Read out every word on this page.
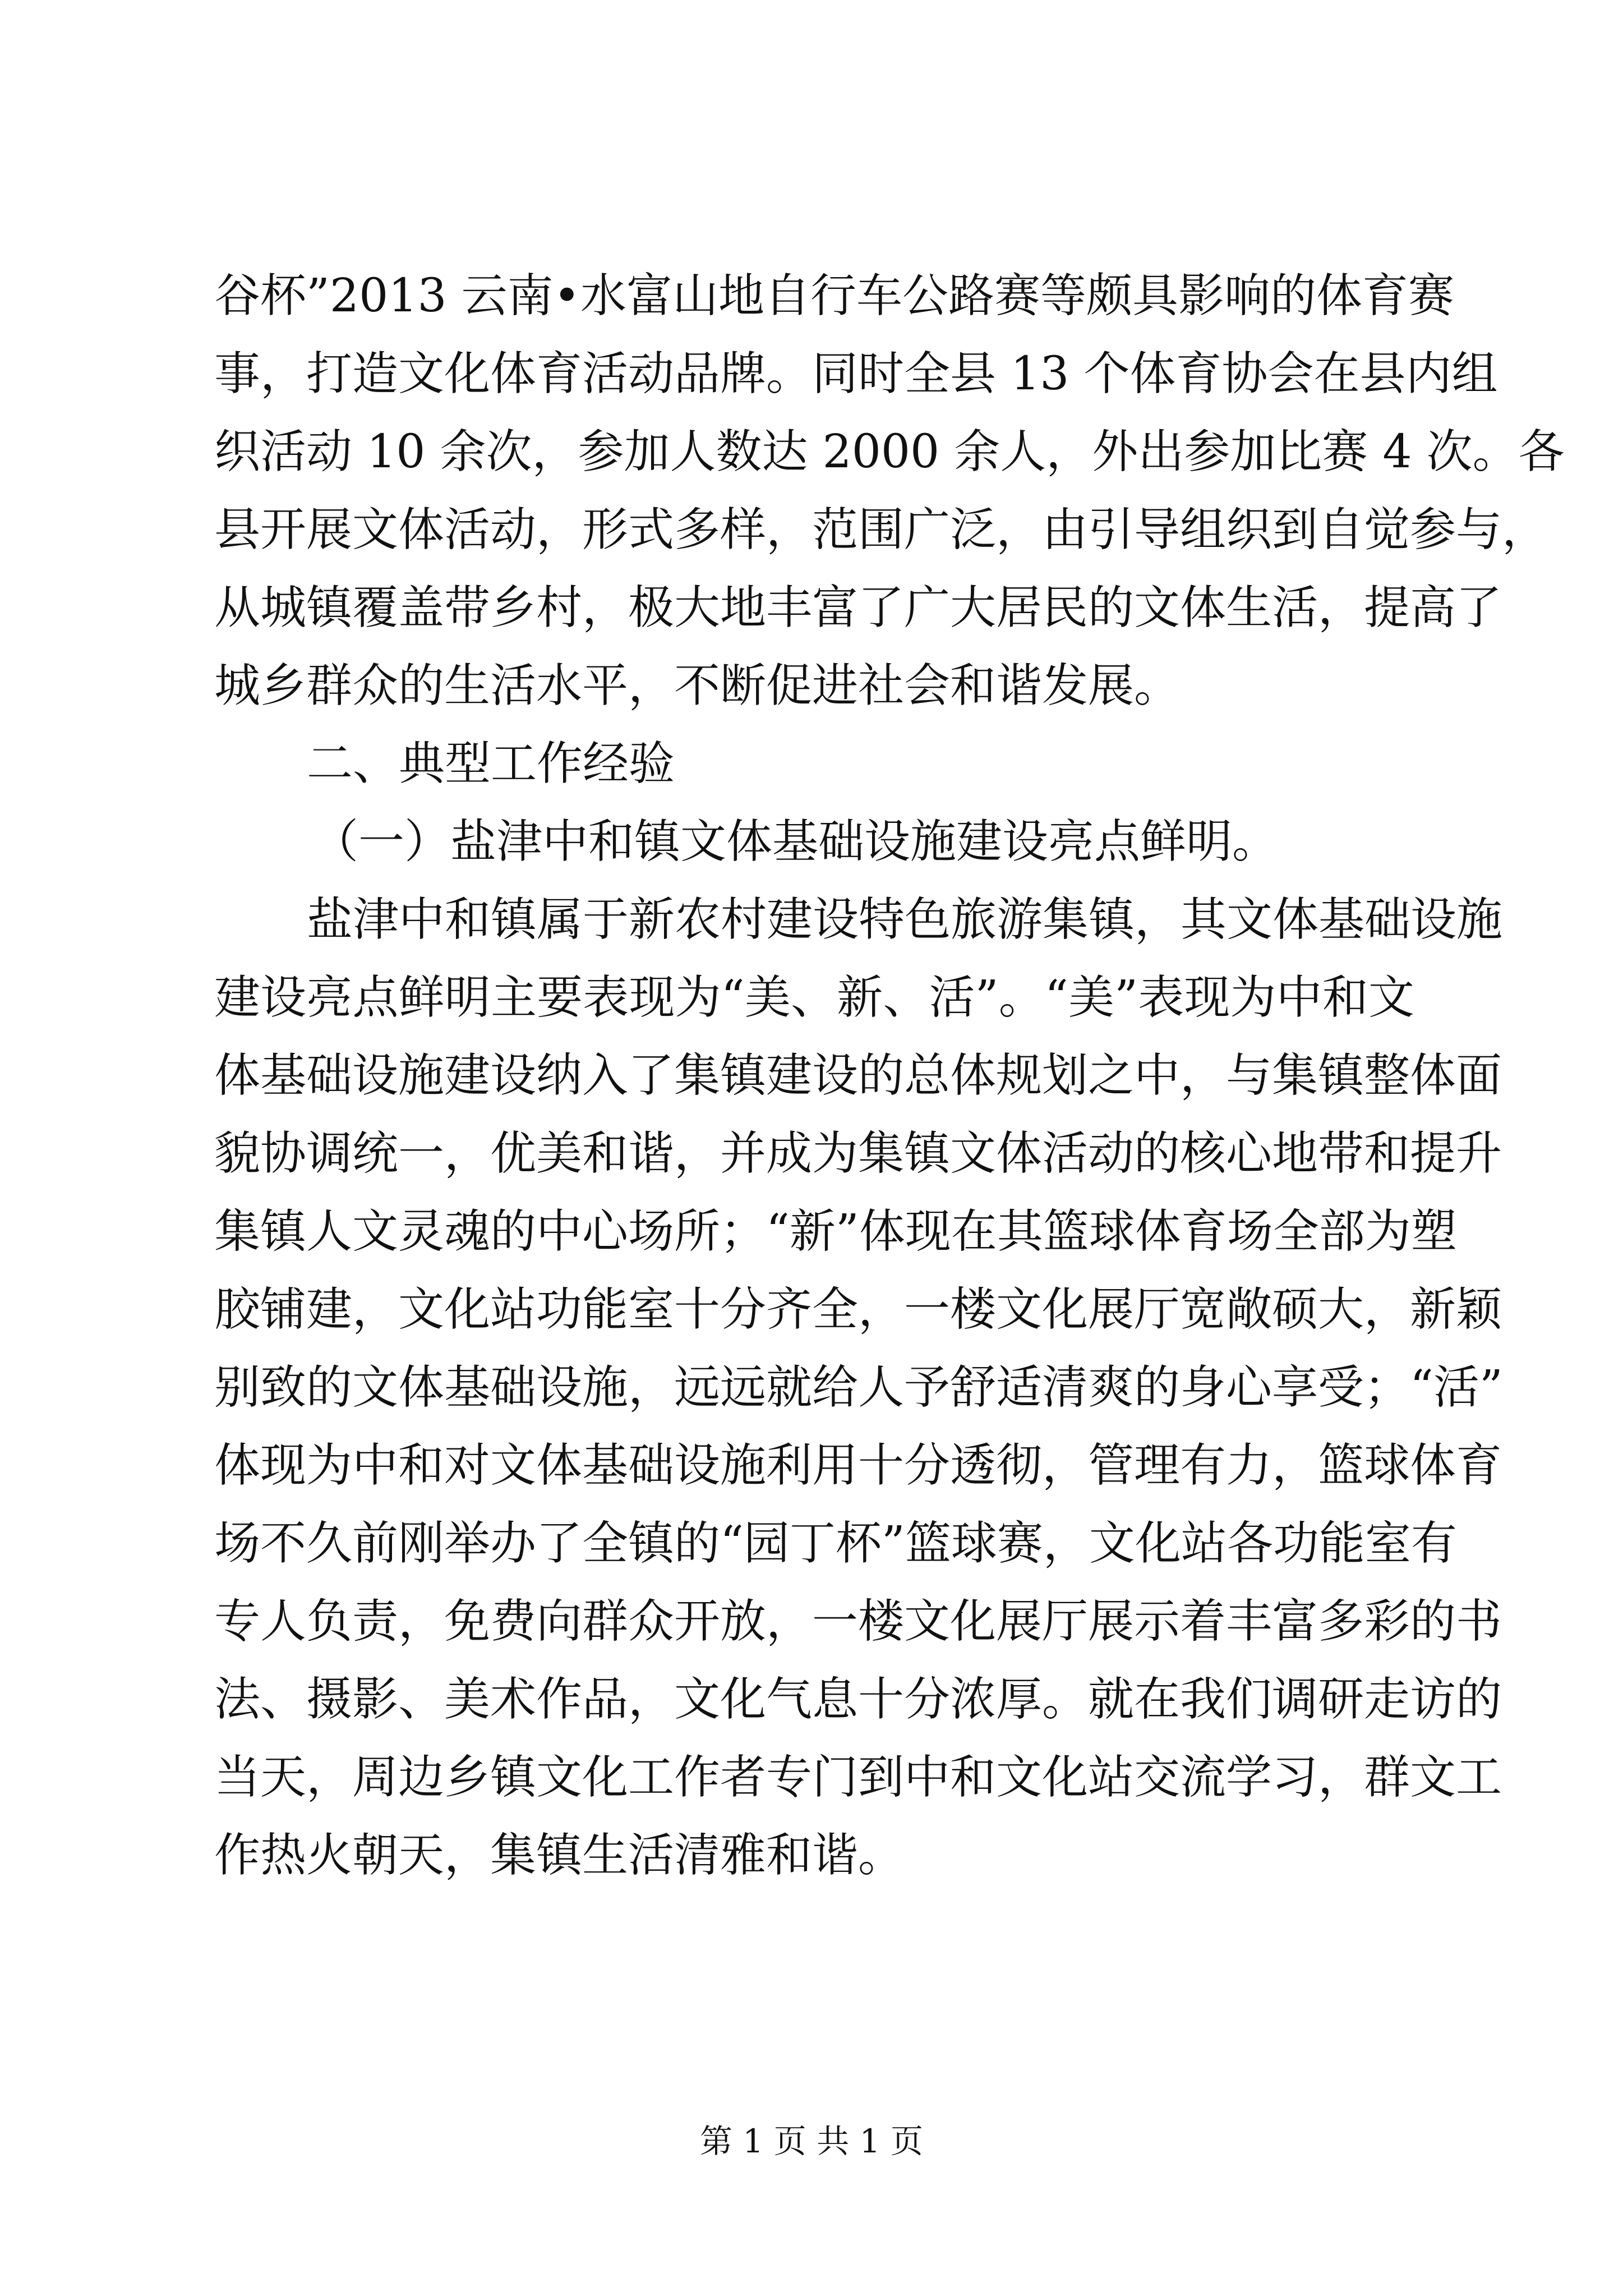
谷杯”2013 云南•水富山地自行车公路赛等颇具影响的体育赛
事，打造文化体育活动品牌。同时全县 13 个体育协会在县内组
织活动 10 余次，参加人数达 2000 余人，外出参加比赛 4 次。各
县开展文体活动，形式多样，范围广泛，由引导组织到自觉参与，
从城镇覆盖带乡村，极大地丰富了广大居民的文体生活，提高了
城乡群众的生活水平，不断促进社会和谐发展。
二、典型工作经验
（一）盐津中和镇文体基础设施建设亮点鲜明。
盐津中和镇属于新农村建设特色旅游集镇，其文体基础设施
建设亮点鲜明主要表现为“美、新、活”。“美”表现为中和文
体基础设施建设纳入了集镇建设的总体规划之中，与集镇整体面
貌协调统一，优美和谐，并成为集镇文体活动的核心地带和提升
集镇人文灵魂的中心场所；“新”体现在其篮球体育场全部为塑
胶铺建，文化站功能室十分齐全，一楼文化展厅宽敞硕大，新颖
别致的文体基础设施，远远就给人予舒适清爽的身心享受；“活”
体现为中和对文体基础设施利用十分透彻，管理有力，篮球体育
场不久前刚举办了全镇的“园丁杯”篮球赛，文化站各功能室有
专人负责，免费向群众开放，一楼文化展厅展示着丰富多彩的书
法、摄影、美术作品，文化气息十分浓厚。就在我们调研走访的
当天，周边乡镇文化工作者专门到中和文化站交流学习，群文工
作热火朝天，集镇生活清雅和谐。
第 1 页 共 1 页
